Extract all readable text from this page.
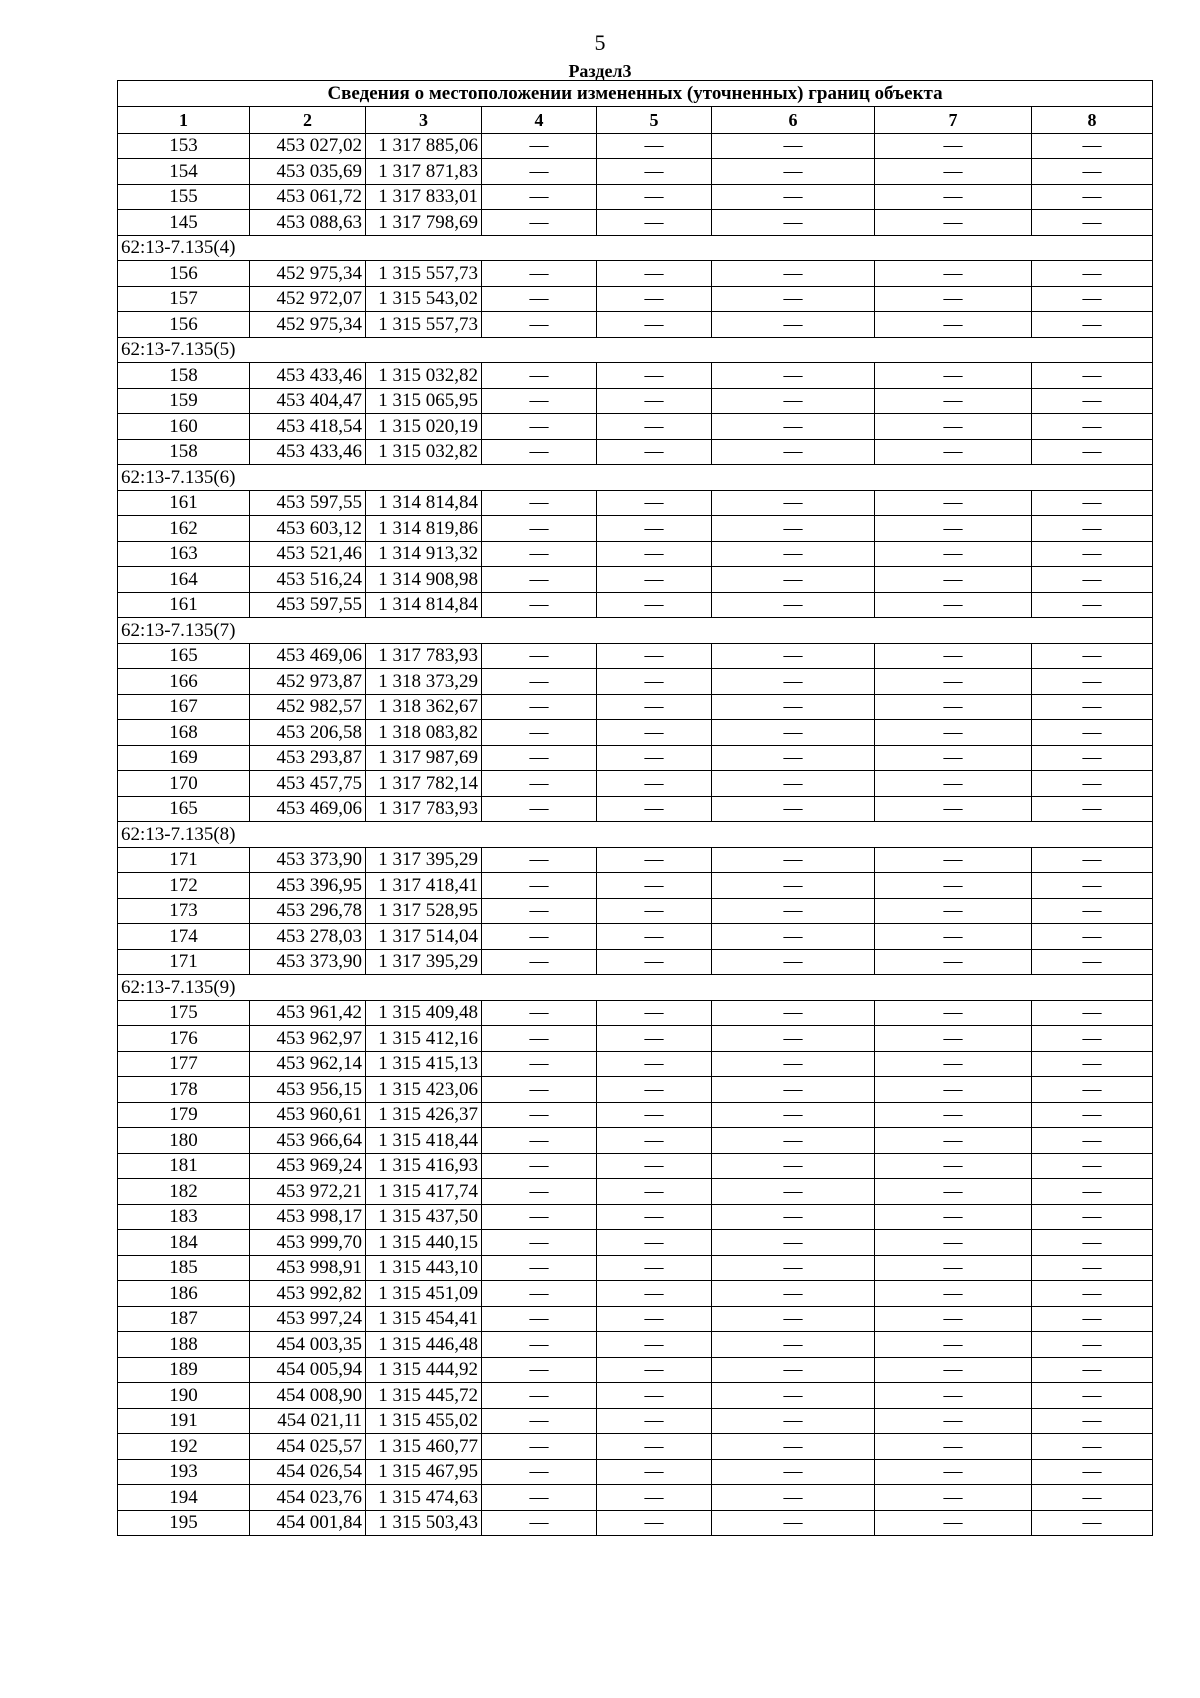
5
Раздел3
Сведения о местоположении измененных (уточненных) границ объекта							
1	2	3	4	5	6	7	8
153	453 027,02	1 317 885,06	—	—	—	—	—
154	453 035,69	1 317 871,83	—	—	—	—	—
155	453 061,72	1 317 833,01	—	—	—	—	—
145	453 088,63	1 317 798,69	—	—	—	—	—
62:13-7.135(4)							
156	452 975,34	1 315 557,73	—	—	—	—	—
157	452 972,07	1 315 543,02	—	—	—	—	—
156	452 975,34	1 315 557,73	—	—	—	—	—
62:13-7.135(5)							
158	453 433,46	1 315 032,82	—	—	—	—	—
159	453 404,47	1 315 065,95	—	—	—	—	—
160	453 418,54	1 315 020,19	—	—	—	—	—
158	453 433,46	1 315 032,82	—	—	—	—	—
62:13-7.135(6)							
161	453 597,55	1 314 814,84	—	—	—	—	—
162	453 603,12	1 314 819,86	—	—	—	—	—
163	453 521,46	1 314 913,32	—	—	—	—	—
164	453 516,24	1 314 908,98	—	—	—	—	—
161	453 597,55	1 314 814,84	—	—	—	—	—
62:13-7.135(7)							
165	453 469,06	1 317 783,93	—	—	—	—	—
166	452 973,87	1 318 373,29	—	—	—	—	—
167	452 982,57	1 318 362,67	—	—	—	—	—
168	453 206,58	1 318 083,82	—	—	—	—	—
169	453 293,87	1 317 987,69	—	—	—	—	—
170	453 457,75	1 317 782,14	—	—	—	—	—
165	453 469,06	1 317 783,93	—	—	—	—	—
62:13-7.135(8)							
171	453 373,90	1 317 395,29	—	—	—	—	—
172	453 396,95	1 317 418,41	—	—	—	—	—
173	453 296,78	1 317 528,95	—	—	—	—	—
174	453 278,03	1 317 514,04	—	—	—	—	—
171	453 373,90	1 317 395,29	—	—	—	—	—
62:13-7.135(9)							
175	453 961,42	1 315 409,48	—	—	—	—	—
176	453 962,97	1 315 412,16	—	—	—	—	—
177	453 962,14	1 315 415,13	—	—	—	—	—
178	453 956,15	1 315 423,06	—	—	—	—	—
179	453 960,61	1 315 426,37	—	—	—	—	—
180	453 966,64	1 315 418,44	—	—	—	—	—
181	453 969,24	1 315 416,93	—	—	—	—	—
182	453 972,21	1 315 417,74	—	—	—	—	—
183	453 998,17	1 315 437,50	—	—	—	—	—
184	453 999,70	1 315 440,15	—	—	—	—	—
185	453 998,91	1 315 443,10	—	—	—	—	—
186	453 992,82	1 315 451,09	—	—	—	—	—
187	453 997,24	1 315 454,41	—	—	—	—	—
188	454 003,35	1 315 446,48	—	—	—	—	—
189	454 005,94	1 315 444,92	—	—	—	—	—
190	454 008,90	1 315 445,72	—	—	—	—	—
191	454 021,11	1 315 455,02	—	—	—	—	—
192	454 025,57	1 315 460,77	—	—	—	—	—
193	454 026,54	1 315 467,95	—	—	—	—	—
194	454 023,76	1 315 474,63	—	—	—	—	—
195	454 001,84	1 315 503,43	—	—	—	—	—
